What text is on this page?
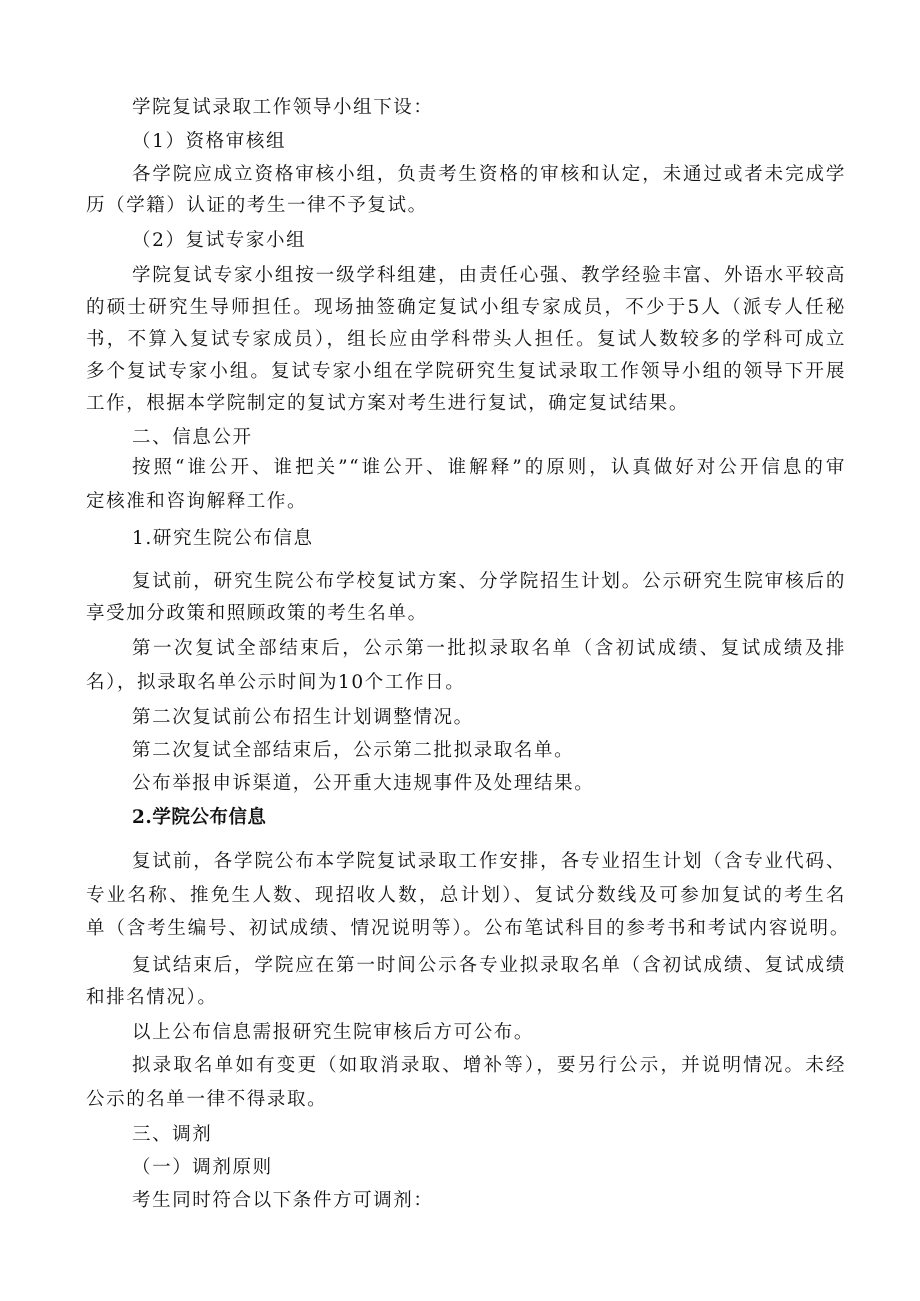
学院复试录取工作领导小组下设：
（1）资格审核组
各学院应成立资格审核小组，负责考生资格的审核和认定，未通过或者未完成学
历（学籍）认证的考生一律不予复试。
（2）复试专家小组
学院复试专家小组按一级学科组建，由责任心强、教学经验丰富、外语水平较高
的硕士研究生导师担任。现场抽签确定复试小组专家成员，不少于5人（派专人任秘
书，不算入复试专家成员），组长应由学科带头人担任。复试人数较多的学科可成立
多个复试专家小组。复试专家小组在学院研究生复试录取工作领导小组的领导下开展
工作，根据本学院制定的复试方案对考生进行复试，确定复试结果。
二、信息公开
按照“谁公开、谁把关”“谁公开、谁解释”的原则，认真做好对公开信息的审
定核准和咨询解释工作。
1.研究生院公布信息
复试前，研究生院公布学校复试方案、分学院招生计划。公示研究生院审核后的
享受加分政策和照顾政策的考生名单。
第一次复试全部结束后，公示第一批拟录取名单（含初试成绩、复试成绩及排
名），拟录取名单公示时间为10个工作日。
第二次复试前公布招生计划调整情况。
第二次复试全部结束后，公示第二批拟录取名单。
公布举报申诉渠道，公开重大违规事件及处理结果。
2.学院公布信息
复试前，各学院公布本学院复试录取工作安排，各专业招生计划（含专业代码、
专业名称、推免生人数、现招收人数，总计划）、复试分数线及可参加复试的考生名
单（含考生编号、初试成绩、情况说明等）。公布笔试科目的参考书和考试内容说明。
复试结束后，学院应在第一时间公示各专业拟录取名单（含初试成绩、复试成绩
和排名情况）。
以上公布信息需报研究生院审核后方可公布。
拟录取名单如有变更（如取消录取、增补等），要另行公示，并说明情况。未经
公示的名单一律不得录取。
三、调剂
（一）调剂原则
考生同时符合以下条件方可调剂：
